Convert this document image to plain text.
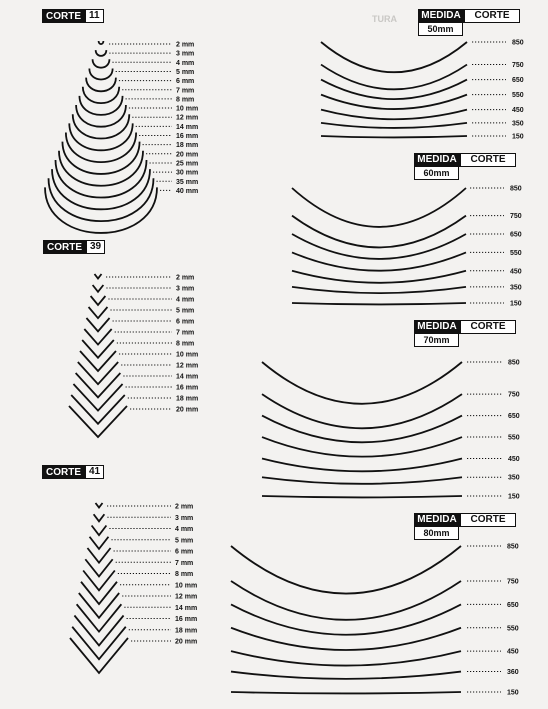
TURA
CORTE 11
CORTE 39
CORTE 41
MEDIDA	CORTE
50mm
MEDIDA	CORTE
60mm
MEDIDA	CORTE
70mm
MEDIDA	CORTE
80mm
2 mm
3 mm
4 mm
5 mm
6 mm
7 mm
8 mm
10 mm
12 mm
14 mm
16 mm
18 mm
20 mm
25 mm
30 mm
35 mm
40 mm
2 mm
3 mm
4 mm
5 mm
6 mm
7 mm
8 mm
10 mm
12 mm
14 mm
16 mm
18 mm
20 mm
2 mm
3 mm
4 mm
5 mm
6 mm
7 mm
8 mm
10 mm
12 mm
14 mm
16 mm
18 mm
20 mm
850
750
650
550
450
350
150
850
750
650
550
450
350
150
850
750
650
550
450
350
150
850
750
650
550
450
360
150
